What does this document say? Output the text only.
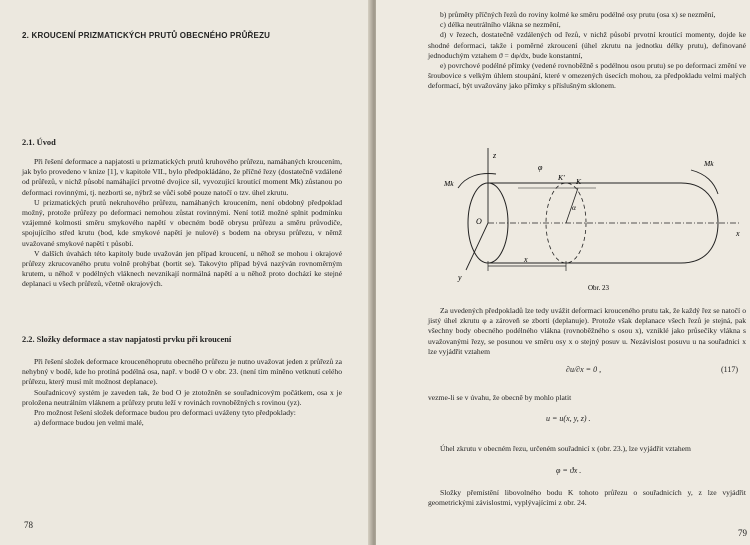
2. KROUCENÍ PRIZMATICKÝCH PRUTŮ OBECNÉHO PRŮŘEZU
2.1. Úvod

Při řešení deformace a napjatosti u prizmatických prutů kruhového průřezu, namáhaných kroucením, jak bylo provedeno v knize [1], v kapitole VII., bylo předpokládáno, že příčné řezy (dostatečně vzdálené od průřezů, v nichž působí namáhající prvotné dvojice sil, vyvozující kroutící moment Mk) zůstanou po deformaci rovinnými, tj. nezborti se, nýbrž se vůči sobě pouze natočí o tzv. úhel zkrutu.

U prizmatických prutů nekruhového průřezu, namáhaných kroucením, není obdobný předpoklad možný, protože průřezy po deformaci nemohou zůstat rovinnými. Není totiž možné splnit podmínku vzájemné kolmosti směru smykového napětí v obecném bodě obrysu průřezu a směru průvodiče, spojujícího střed krutu (bod, kde smykové napětí je nulové) s bodem na obrysu průřezu, v němž uvažované smykové napětí τ působí.

V dalších úvahách této kapitoly bude uvažován jen případ kroucení, u něhož se mohou i okrajové průřezy zkrucovaného prutu volně prohýbat (bortit se). Takovýto případ bývá nazýván rovnoměrným krutem, u něhož v podélných vláknech nevznikají normálná napětí a u něhož proto dochází ke stejné deplanaci u všech průřezů, včetně okrajových.

2.2. Složky deformace a stav napjatosti prvku při kroucení

Při řešení složek deformace kroucenéhoprutu obecného průřezu je nutno uvažovat jeden z průřezů za nehybný v bodě, kde ho protíná podélná osa, např. v bodě O v obr. 23. (není tím míněno vetknutí celého průřezu, který musí mít možnost deplanace).

Souřadnicový systém je zaveden tak, že bod O je ztotožněn se souřadnicovým počátkem, osa x je proložena neutrálním vláknem a průřezy prutu leží v rovinách rovnoběžných s rovinou (yz).

Pro možnost řešení složek deformace budou pro deformaci uváženy tyto předpoklady:

a) deformace budou jen velmi malé,

78

b) průměty příčných řezů do roviny kolmé ke směru podélné osy prutu (osa x) se nezmění,

c) délka neutrálního vlákna se nezmění,

d) v řezech, dostatečně vzdálených od řezů, v nichž působí prvotní kroutící momenty, dojde ke shodné deformaci, takže i poměrné zkroucení (úhel zkrutu na jednotku délky prutu), definované jednoduchým vztahem ϑ = dφ/dx, bude konstantní,

e) povrchové podélné přímky (vedené rovnoběžně s podélnou osou prutu) se po deformaci změní ve šroubovice s velkým úhlem stoupání, které v omezených úsecích mohou, za předpokladu velmi malých deformací, být uvažovány jako přímky s příslušným sklonem.

z
y
x
x
O
Mk
Mk
φ
K
K'
α
Obr. 23

Za uvedených předpokladů lze tedy uvážit deformaci krouceného prutu tak, že každý řez se natočí o jistý úhel zkrutu φ a zároveň se zborti (deplanuje). Protože však deplanace všech řezů je stejná, pak všechny body obecného podélného vlákna (rovnoběžného s osou x), vzniklé jako průsečíky vlákna s uvažovanými řezy, se posunou ve směru osy x o stejný posuv u. Nezávislost posuvu u na souřadnici x lze vyjádřit vztahem

∂u/∂x = 0 ,	(117)

vezme-li se v úvahu, že obecně by mohlo platit

u = u(x, y, z) .

Úhel zkrutu v obecném řezu, určeném souřadnicí x (obr. 23.), lze vyjádřit vztahem

φ = ϑx .

Složky přemístění libovolného bodu K tohoto průřezu o souřadnicích y, z lze vyjádřit geometrickými závislostmi, vyplývajícími z obr. 24.

79
